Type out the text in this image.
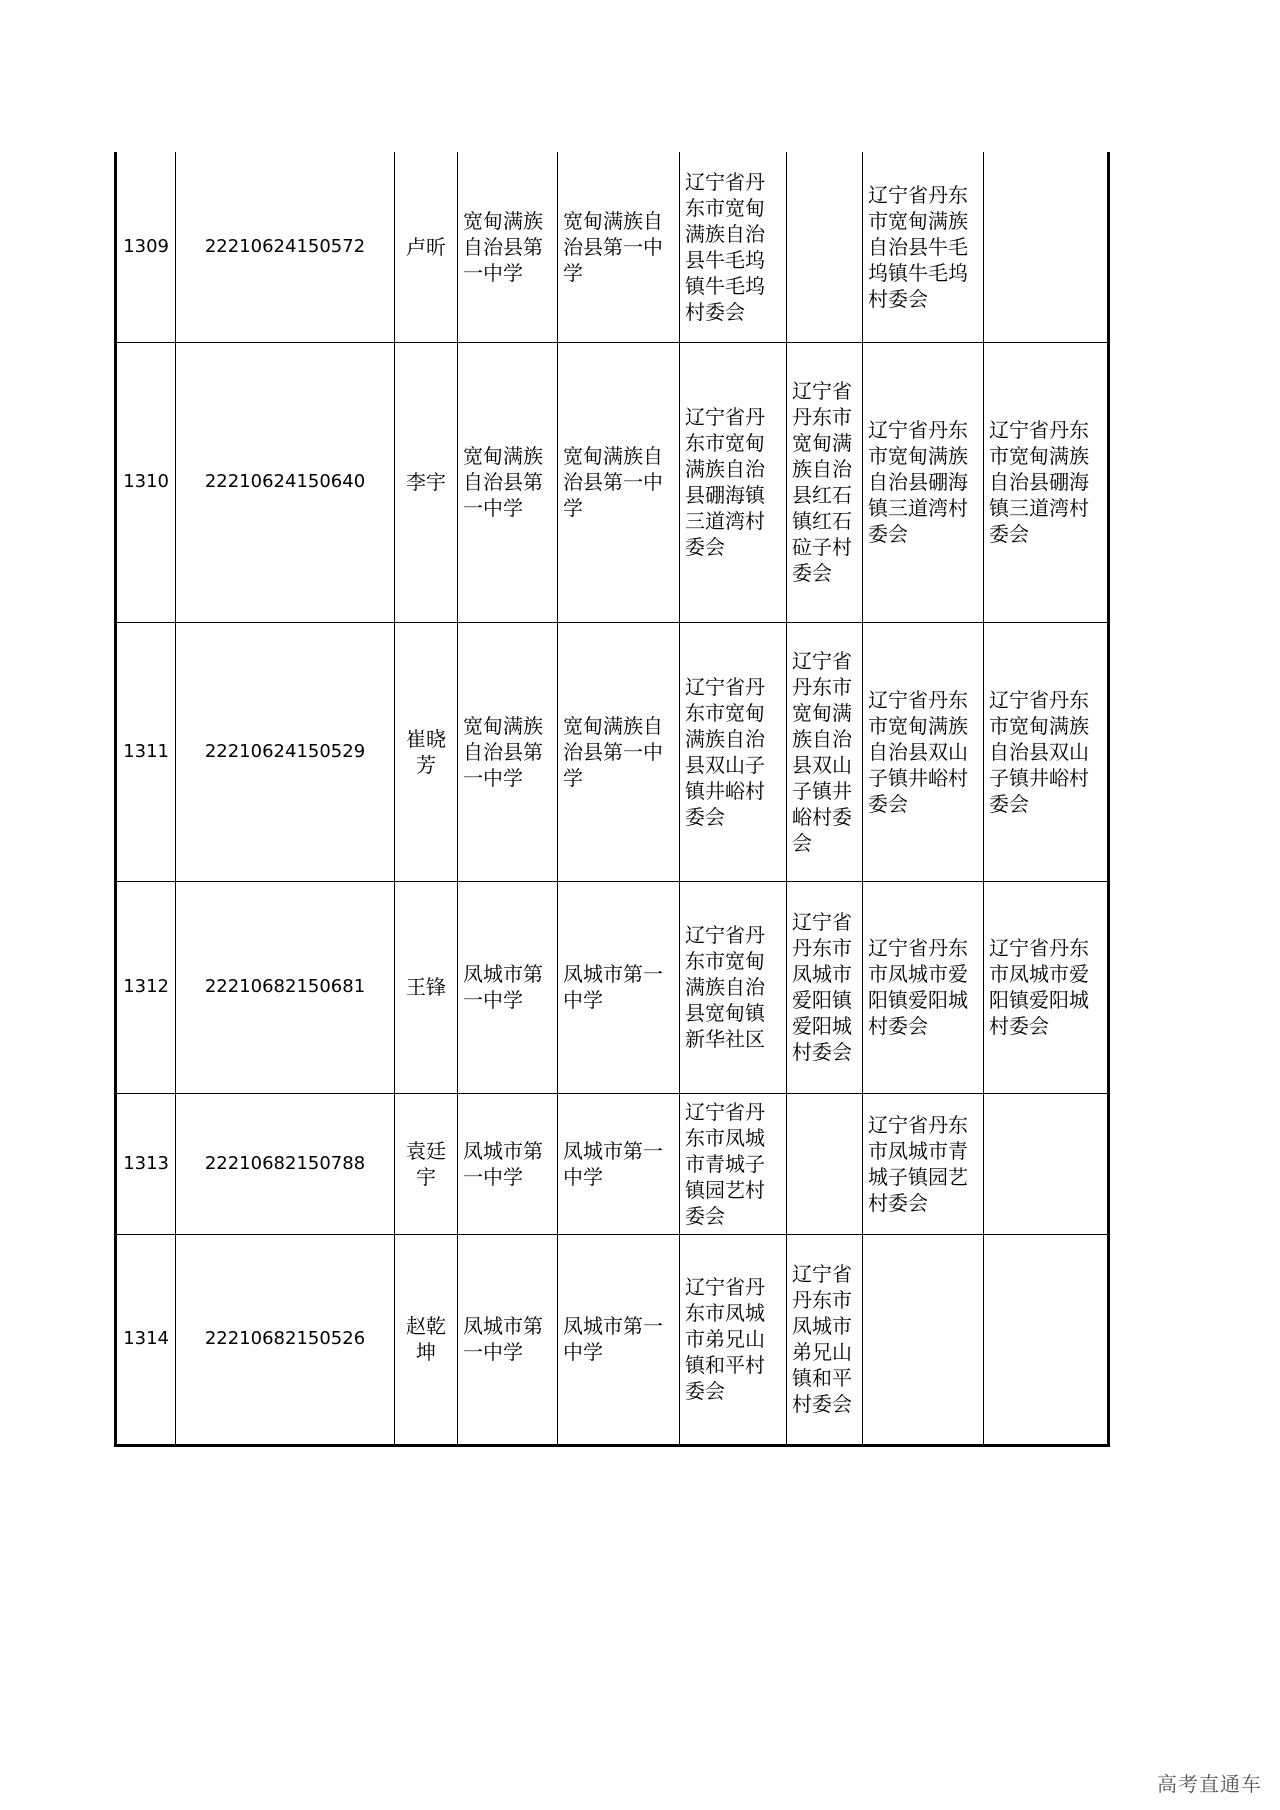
1309	22210624150572	卢昕	宽甸满族自治县第一中学	宽甸满族自治县第一中学	辽宁省丹东市宽甸满族自治县牛毛坞镇牛毛坞村委会		辽宁省丹东市宽甸满族自治县牛毛坞镇牛毛坞村委会	
1310	22210624150640	李宇	宽甸满族自治县第一中学	宽甸满族自治县第一中学	辽宁省丹东市宽甸满族自治县硼海镇三道湾村委会	辽宁省丹东市宽甸满族自治县红石镇红石砬子村委会	辽宁省丹东市宽甸满族自治县硼海镇三道湾村委会	辽宁省丹东市宽甸满族自治县硼海镇三道湾村委会
1311	22210624150529	崔晓芳	宽甸满族自治县第一中学	宽甸满族自治县第一中学	辽宁省丹东市宽甸满族自治县双山子镇井峪村委会	辽宁省丹东市宽甸满族自治县双山子镇井峪村委会	辽宁省丹东市宽甸满族自治县双山子镇井峪村委会	辽宁省丹东市宽甸满族自治县双山子镇井峪村委会
1312	22210682150681	王锋	凤城市第一中学	凤城市第一中学	辽宁省丹东市宽甸满族自治县宽甸镇新华社区	辽宁省丹东市凤城市爱阳镇爱阳城村委会	辽宁省丹东市凤城市爱阳镇爱阳城村委会	辽宁省丹东市凤城市爱阳镇爱阳城村委会
1313	22210682150788	袁廷宇	凤城市第一中学	凤城市第一中学	辽宁省丹东市凤城市青城子镇园艺村委会		辽宁省丹东市凤城市青城子镇园艺村委会	
1314	22210682150526	赵乾坤	凤城市第一中学	凤城市第一中学	辽宁省丹东市凤城市弟兄山镇和平村委会	辽宁省丹东市凤城市弟兄山镇和平村委会		
高考直通车
